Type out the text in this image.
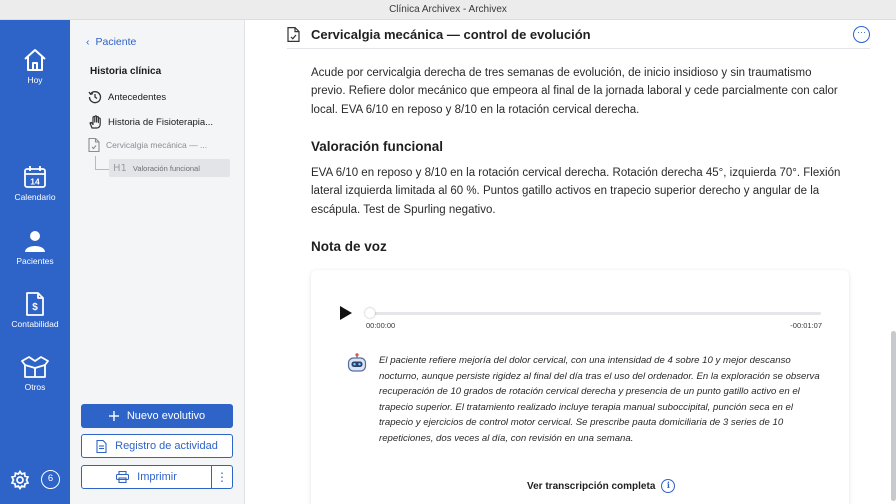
Clínica Archivex - Archivex
Hoy
14
Calendario
Pacientes
$
Contabilidad
Otros
6
‹ Paciente
Historia clínica
Antecedentes
Historia de Fisioterapia...
Cervicalgia mecánica — ...
H1 Valoración funcional
Nuevo evolutivo
Registro de actividad
Imprimir	⋮
Cervicalgia mecánica — control de evolución	···

Acude por cervicalgia derecha de tres semanas de evolución, de inicio insidioso y sin traumatismo previo. Refiere dolor mecánico que empeora al final de la jornada laboral y cede parcialmente con calor local. EVA 6/10 en reposo y 8/10 en la rotación cervical derecha.

Valoración funcional

EVA 6/10 en reposo y 8/10 en la rotación cervical derecha. Rotación derecha 45°, izquierda 70°. Flexión lateral izquierda limitada al 60 %. Puntos gatillo activos en trapecio superior derecho y angular de la escápula. Test de Spurling negativo.

Nota de voz
00:00:00	-00:01:07

El paciente refiere mejoría del dolor cervical, con una intensidad de 4 sobre 10 y mejor descanso nocturno, aunque persiste rigidez al final del día tras el uso del ordenador. En la exploración se observa recuperación de 10 grados de rotación cervical derecha y presencia de un punto gatillo activo en el trapecio superior. El tratamiento realizado incluye terapia manual suboccipital, punción seca en el trapecio y ejercicios de control motor cervical. Se prescribe pauta domiciliaria de 3 series de 10 repeticiones, dos veces al día, con revisión en una semana.

Ver transcripción completa	i
